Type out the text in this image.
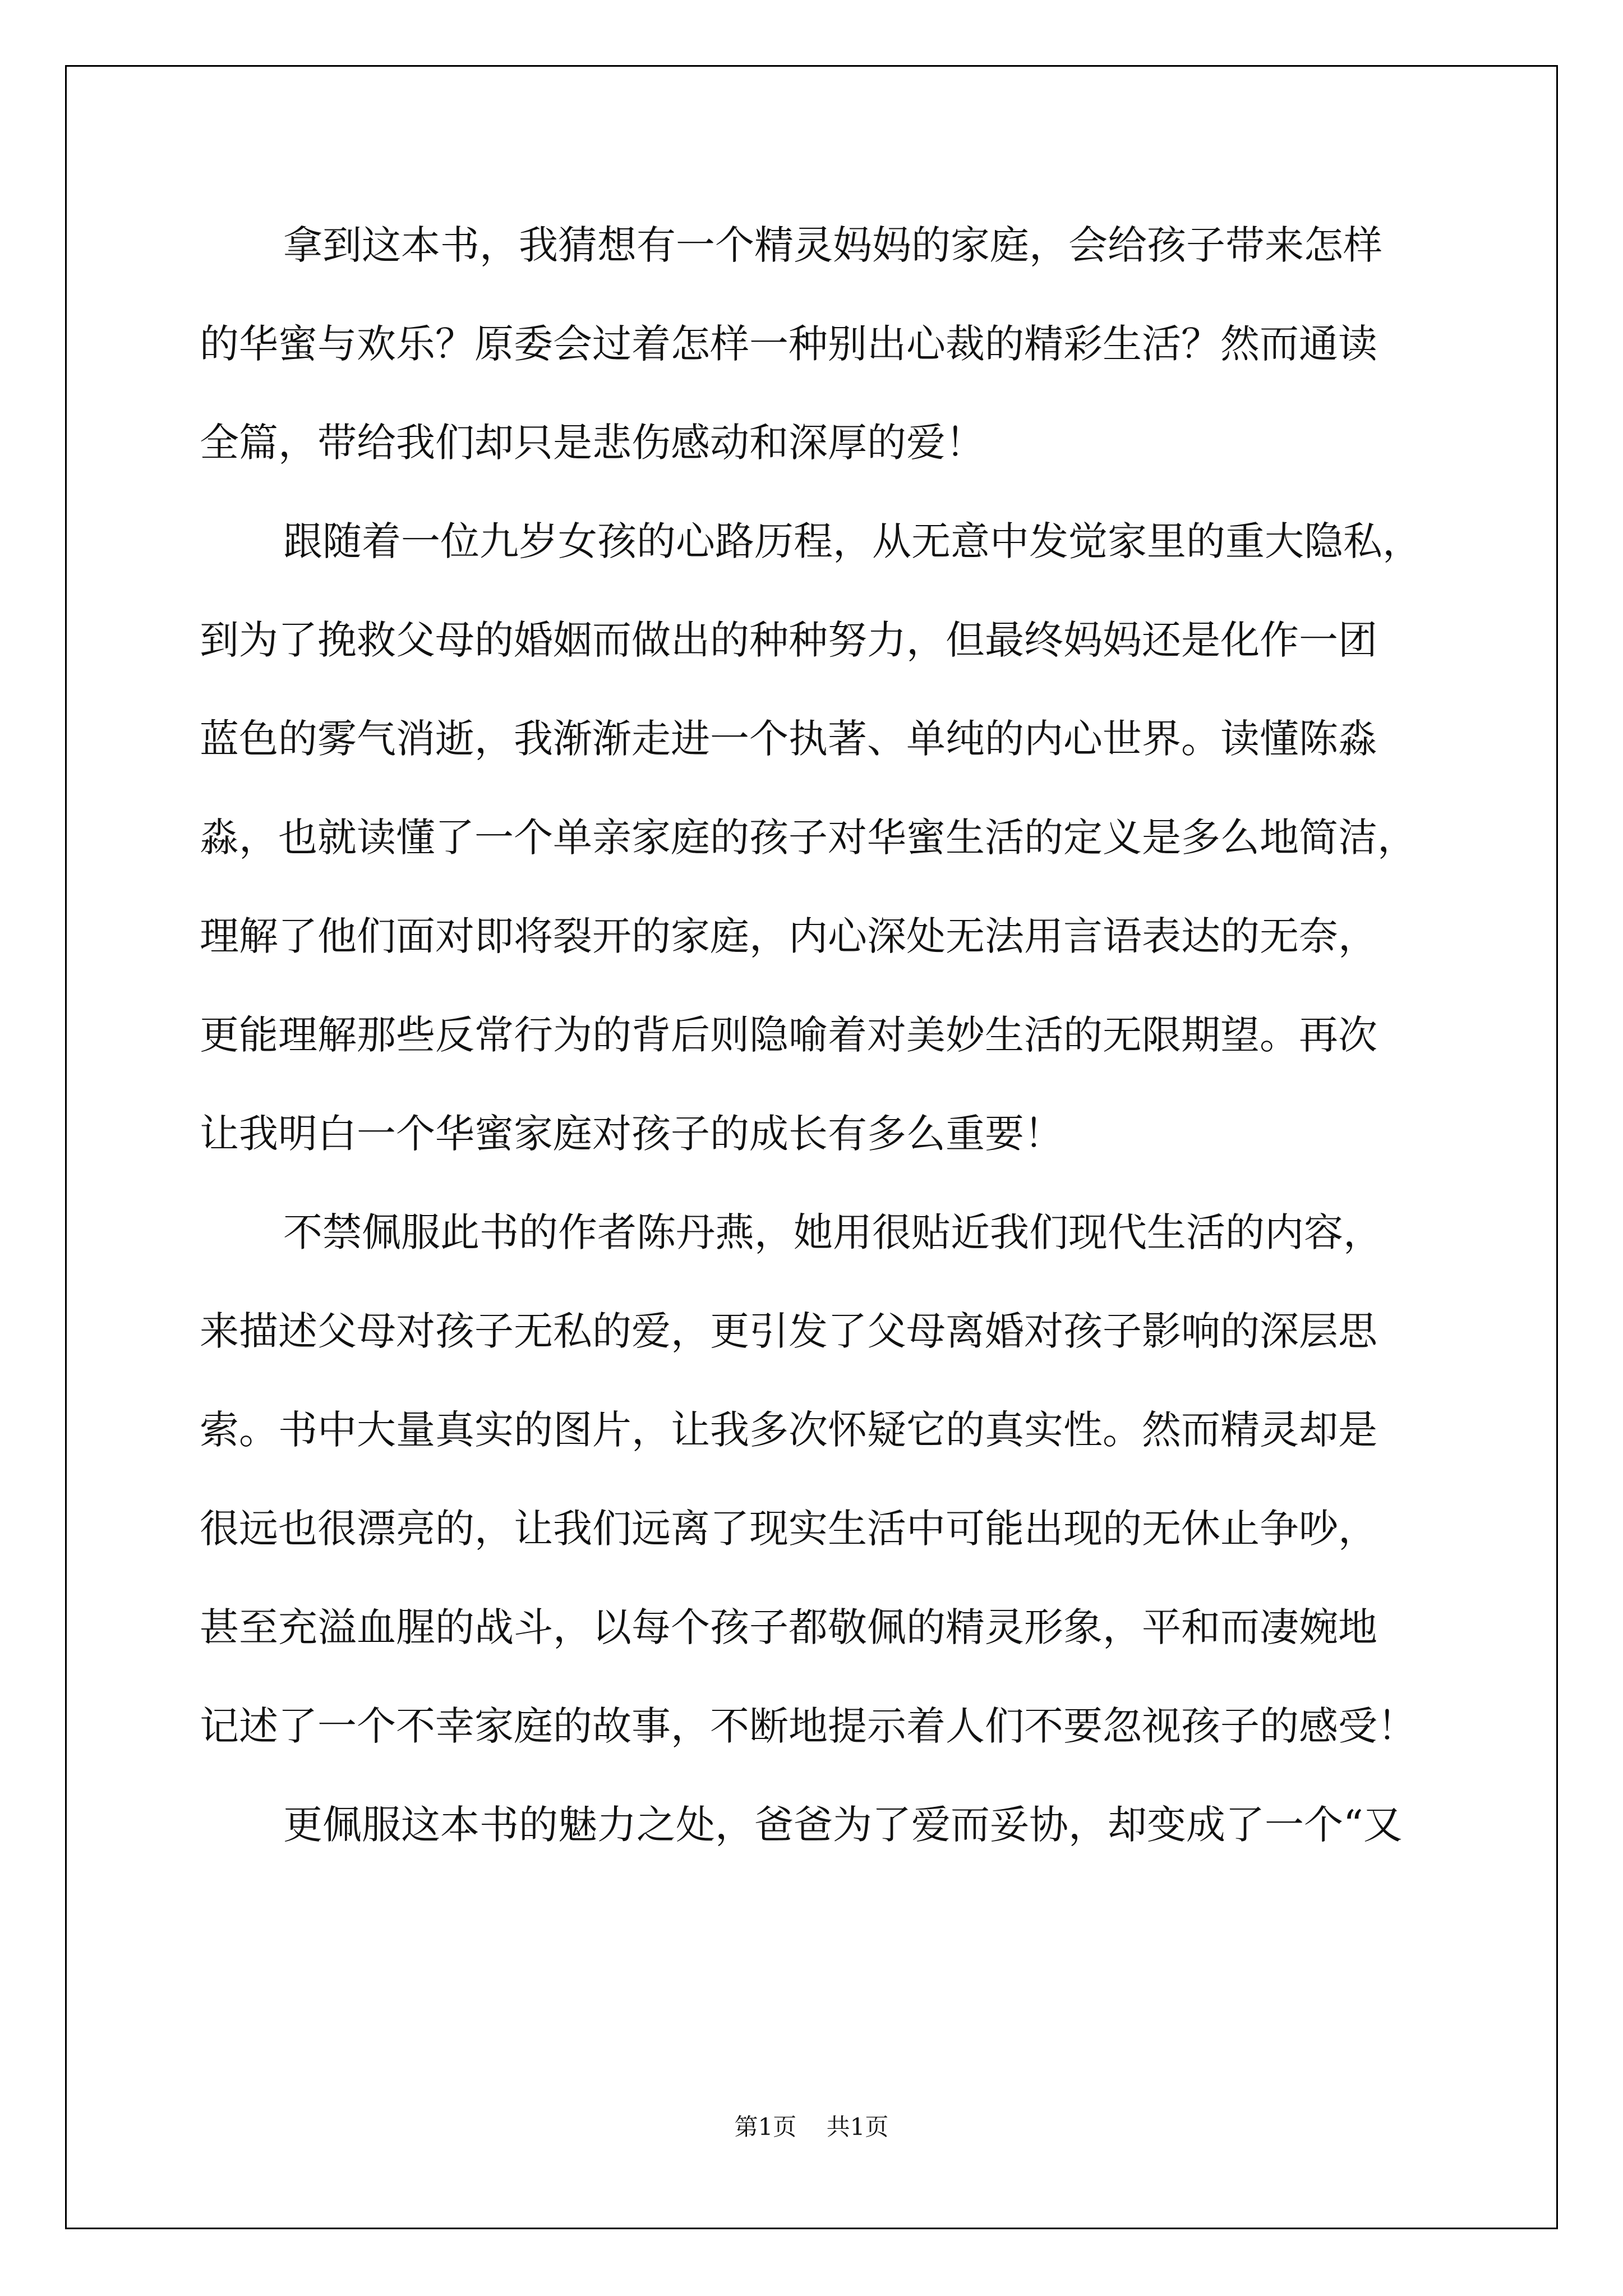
拿到这本书，我猜想有一个精灵妈妈的家庭，会给孩子带来怎样

的华蜜与欢乐？原委会过着怎样一种别出心裁的精彩生活？然而通读

全篇，带给我们却只是悲伤感动和深厚的爱！

跟随着一位九岁女孩的心路历程，从无意中发觉家里的重大隐私，

到为了挽救父母的婚姻而做出的种种努力，但最终妈妈还是化作一团

蓝色的雾气消逝，我渐渐走进一个执著、单纯的内心世界。读懂陈淼

淼，也就读懂了一个单亲家庭的孩子对华蜜生活的定义是多么地简洁，

理解了他们面对即将裂开的家庭，内心深处无法用言语表达的无奈，

更能理解那些反常行为的背后则隐喻着对美妙生活的无限期望。再次

让我明白一个华蜜家庭对孩子的成长有多么重要！

不禁佩服此书的作者陈丹燕，她用很贴近我们现代生活的内容，

来描述父母对孩子无私的爱，更引发了父母离婚对孩子影响的深层思

索。书中大量真实的图片，让我多次怀疑它的真实性。然而精灵却是

很远也很漂亮的，让我们远离了现实生活中可能出现的无休止争吵，

甚至充溢血腥的战斗，以每个孩子都敬佩的精灵形象，平和而凄婉地

记述了一个不幸家庭的故事，不断地提示着人们不要忽视孩子的感受！

更佩服这本书的魅力之处，爸爸为了爱而妥协，却变成了一个“又

第1页    共1页
